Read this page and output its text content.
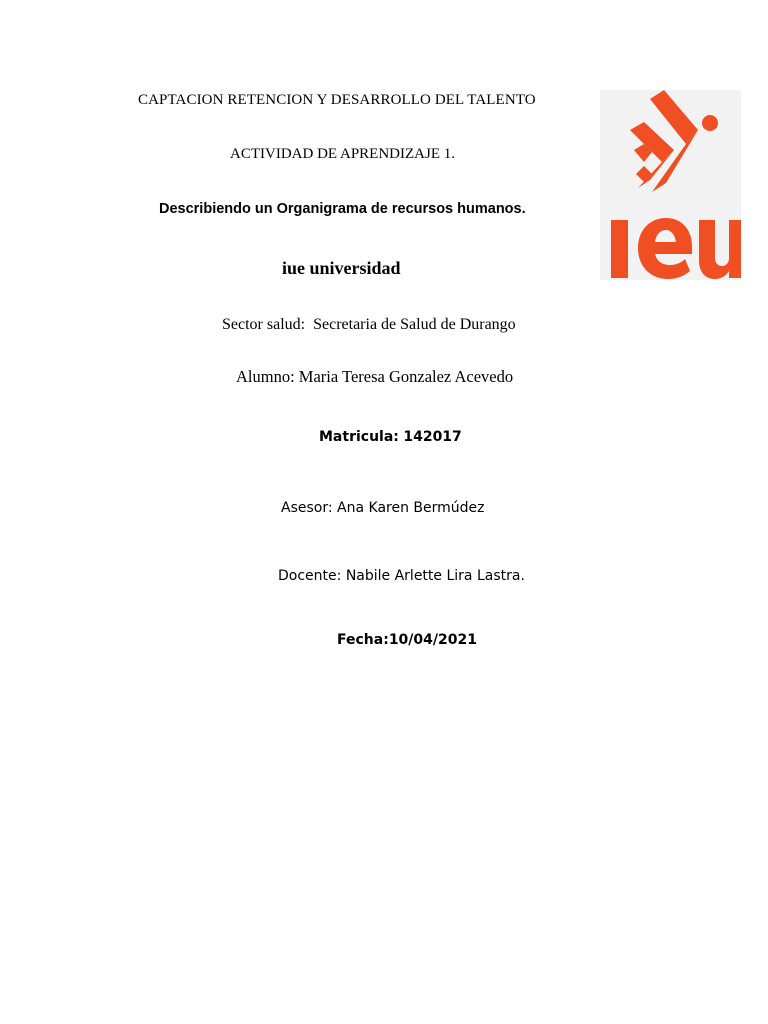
CAPTACION RETENCION Y DESARROLLO DEL TALENTO
ACTIVIDAD DE APRENDIZAJE 1.
Describiendo un Organigrama de recursos humanos.
iue universidad
Sector salud: Secretaria de Salud de Durango
Alumno: Maria Teresa Gonzalez Acevedo
Matricula: 142017
Asesor: Ana Karen Bermúdez
Docente: Nabile Arlette Lira Lastra.
Fecha:10/04/2021
